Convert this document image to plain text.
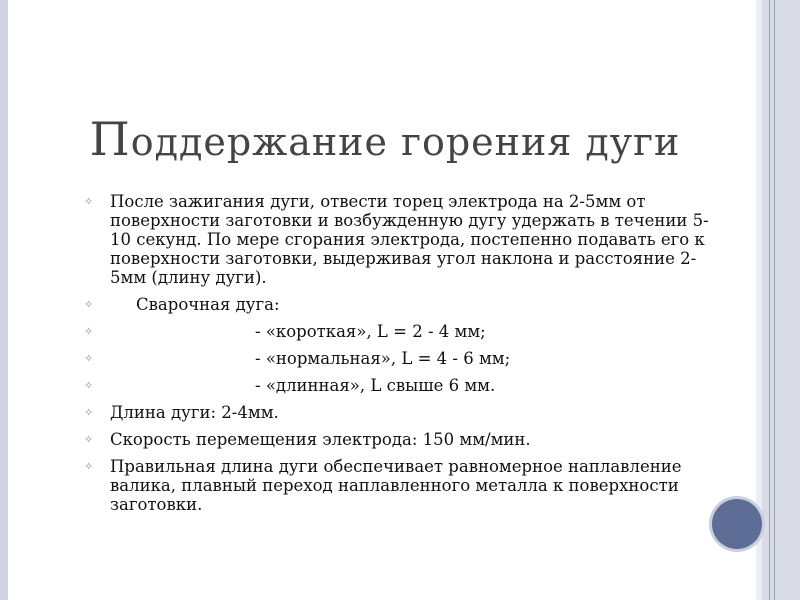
Поддержание горения дуги
✧ После зажигания дуги, отвести торец электрода на 2-5мм от поверхности заготовки и возбужденную дугу удержать в течении 5-10 секунд. По мере сгорания электрода, постепенно подавать его к поверхности заготовки, выдерживая угол наклона и расстояние 2-5мм (длину дуги).
✧	Сварочная дуга:
✧	- «короткая», L = 2 - 4 мм;
✧	- «нормальная», L = 4 - 6 мм;
✧	- «длинная», L свыше 6 мм.
✧ Длина дуги: 2-4мм.
✧ Скорость перемещения электрода: 150 мм/мин.
✧ Правильная длина дуги обеспечивает равномерное наплавление валика, плавный переход наплавленного металла к поверхности заготовки.
